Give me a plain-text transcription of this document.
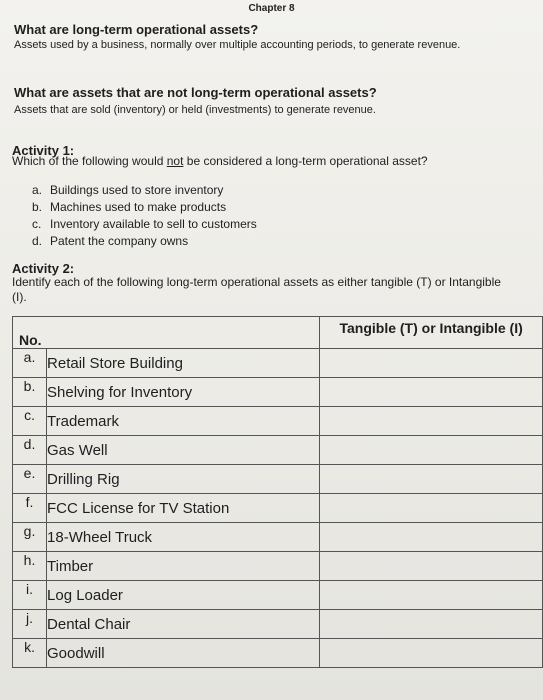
Chapter 8
What are long-term operational assets?
Assets used by a business, normally over multiple accounting periods, to generate revenue.
What are assets that are not long-term operational assets?
Assets that are sold (inventory) or held (investments) to generate revenue.
Activity 1:
Which of the following would not be considered a long-term operational asset?
a. Buildings used to store inventory
b. Machines used to make products
c. Inventory available to sell to customers
d. Patent the company owns
Activity 2:
Identify each of the following long-term operational assets as either tangible (T) or Intangible (I).
No.		Tangible (T) or Intangible (I)
a.	Retail Store Building	
b.	Shelving for Inventory	
c.	Trademark	
d.	Gas Well	
e.	Drilling Rig	
f.	FCC License for TV Station	
g.	18-Wheel Truck	
h.	Timber	
i.	Log Loader	
j.	Dental Chair	
k.	Goodwill	
